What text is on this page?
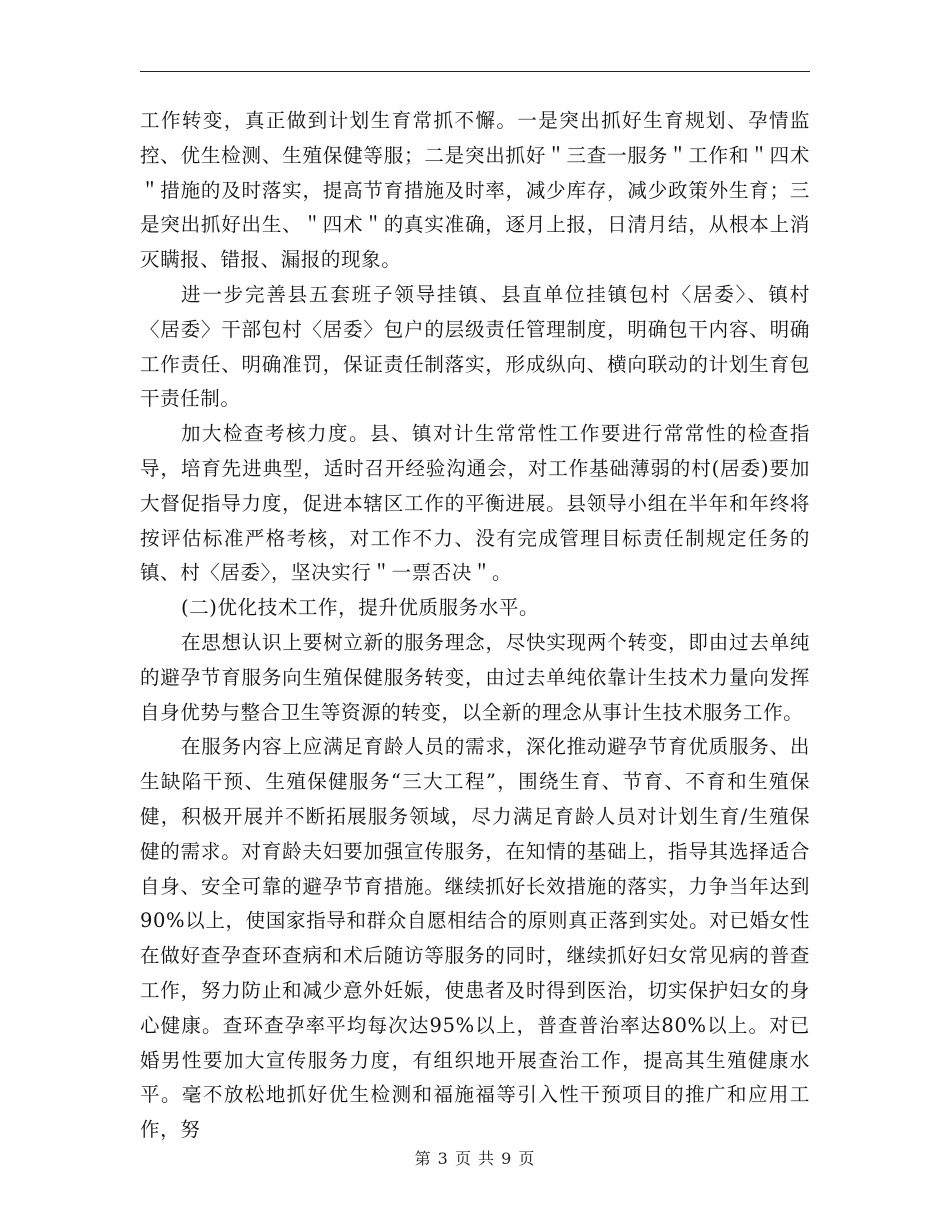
工作转变，真正做到计划生育常抓不懈。一是突出抓好生育规划、孕情监控、优生检测、生殖保健等服；二是突出抓好＂三查一服务＂工作和＂四术＂措施的及时落实，提高节育措施及时率，减少库存，减少政策外生育；三是突出抓好出生、＂四术＂的真实准确，逐月上报，日清月结，从根本上消灭瞒报、错报、漏报的现象。

进一步完善县五套班子领导挂镇、县直单位挂镇包村〈居委〉、镇村〈居委〉干部包村〈居委〉包户的层级责任管理制度，明确包干内容、明确工作责任、明确准罚，保证责任制落实，形成纵向、横向联动的计划生育包干责任制。

加大检查考核力度。县、镇对计生常常性工作要进行常常性的检查指导，培育先进典型，适时召开经验沟通会，对工作基础薄弱的村(居委)要加大督促指导力度，促进本辖区工作的平衡进展。县领导小组在半年和年终将按评估标准严格考核，对工作不力、没有完成管理目标责任制规定任务的镇、村〈居委〉，坚决实行＂一票否决＂。

(二)优化技术工作，提升优质服务水平。

在思想认识上要树立新的服务理念，尽快实现两个转变，即由过去单纯的避孕节育服务向生殖保健服务转变，由过去单纯依靠计生技术力量向发挥自身优势与整合卫生等资源的转变，以全新的理念从事计生技术服务工作。

在服务内容上应满足育龄人员的需求，深化推动避孕节育优质服务、出生缺陷干预、生殖保健服务“三大工程”，围绕生育、节育、不育和生殖保健，积极开展并不断拓展服务领域，尽力满足育龄人员对计划生育/生殖保健的需求。对育龄夫妇要加强宣传服务，在知情的基础上，指导其选择适合自身、安全可靠的避孕节育措施。继续抓好长效措施的落实，力争当年达到90%以上，使国家指导和群众自愿相结合的原则真正落到实处。对已婚女性在做好查孕查环查病和术后随访等服务的同时，继续抓好妇女常见病的普查工作，努力防止和减少意外妊娠，使患者及时得到医治，切实保护妇女的身心健康。查环查孕率平均每次达95%以上，普查普治率达80%以上。对已婚男性要加大宣传服务力度，有组织地开展查治工作，提高其生殖健康水平。毫不放松地抓好优生检测和福施福等引入性干预项目的推广和应用工作，努

第 3 页 共 9 页
